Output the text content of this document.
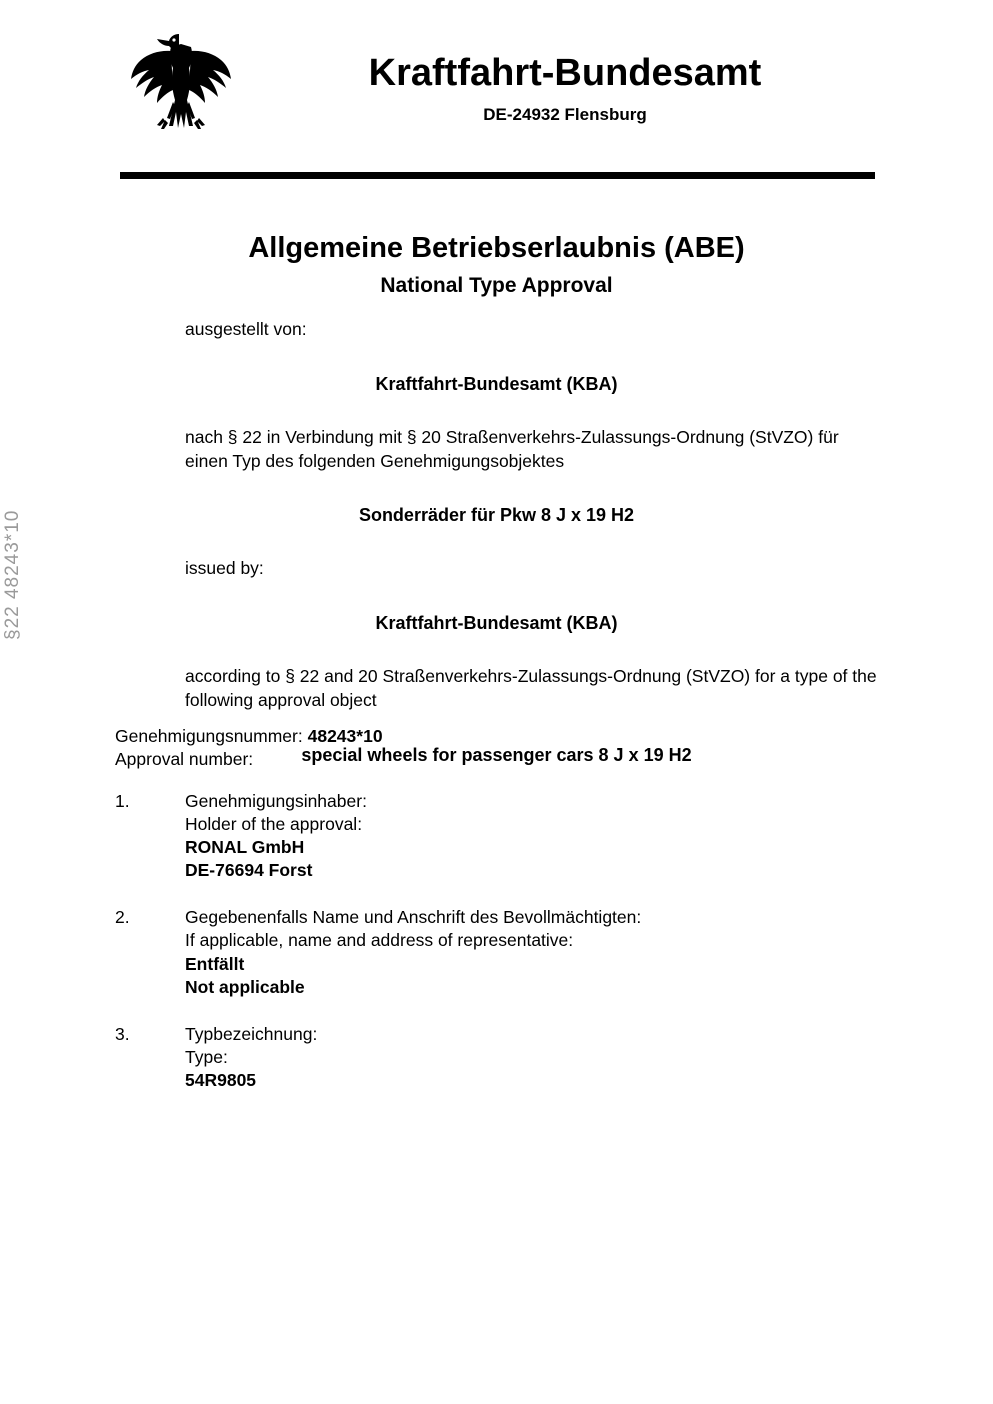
§22 48243*10
Kraftfahrt-Bundesamt
DE-24932 Flensburg
Allgemeine Betriebserlaubnis (ABE)
National Type Approval
ausgestellt von:
Kraftfahrt-Bundesamt (KBA)
nach § 22 in Verbindung mit § 20 Straßenverkehrs-Zulassungs-Ordnung (StVZO) für einen Typ des folgenden Genehmigungsobjektes
Sonderräder für Pkw 8 J x 19 H2
issued by:
Kraftfahrt-Bundesamt (KBA)
according to § 22 and 20 Straßenverkehrs-Zulassungs-Ordnung (StVZO) for a type of the following approval object
special wheels for passenger cars 8 J x 19 H2
Genehmigungsnummer: 48243*10
Approval number:
1.	Genehmigungsinhaber:
Holder of the approval:
RONAL GmbH
DE-76694 Forst
2.	Gegebenenfalls Name und Anschrift des Bevollmächtigten:
If applicable, name and address of representative:
Entfällt
Not applicable
3.	Typbezeichnung:
Type:
54R9805
